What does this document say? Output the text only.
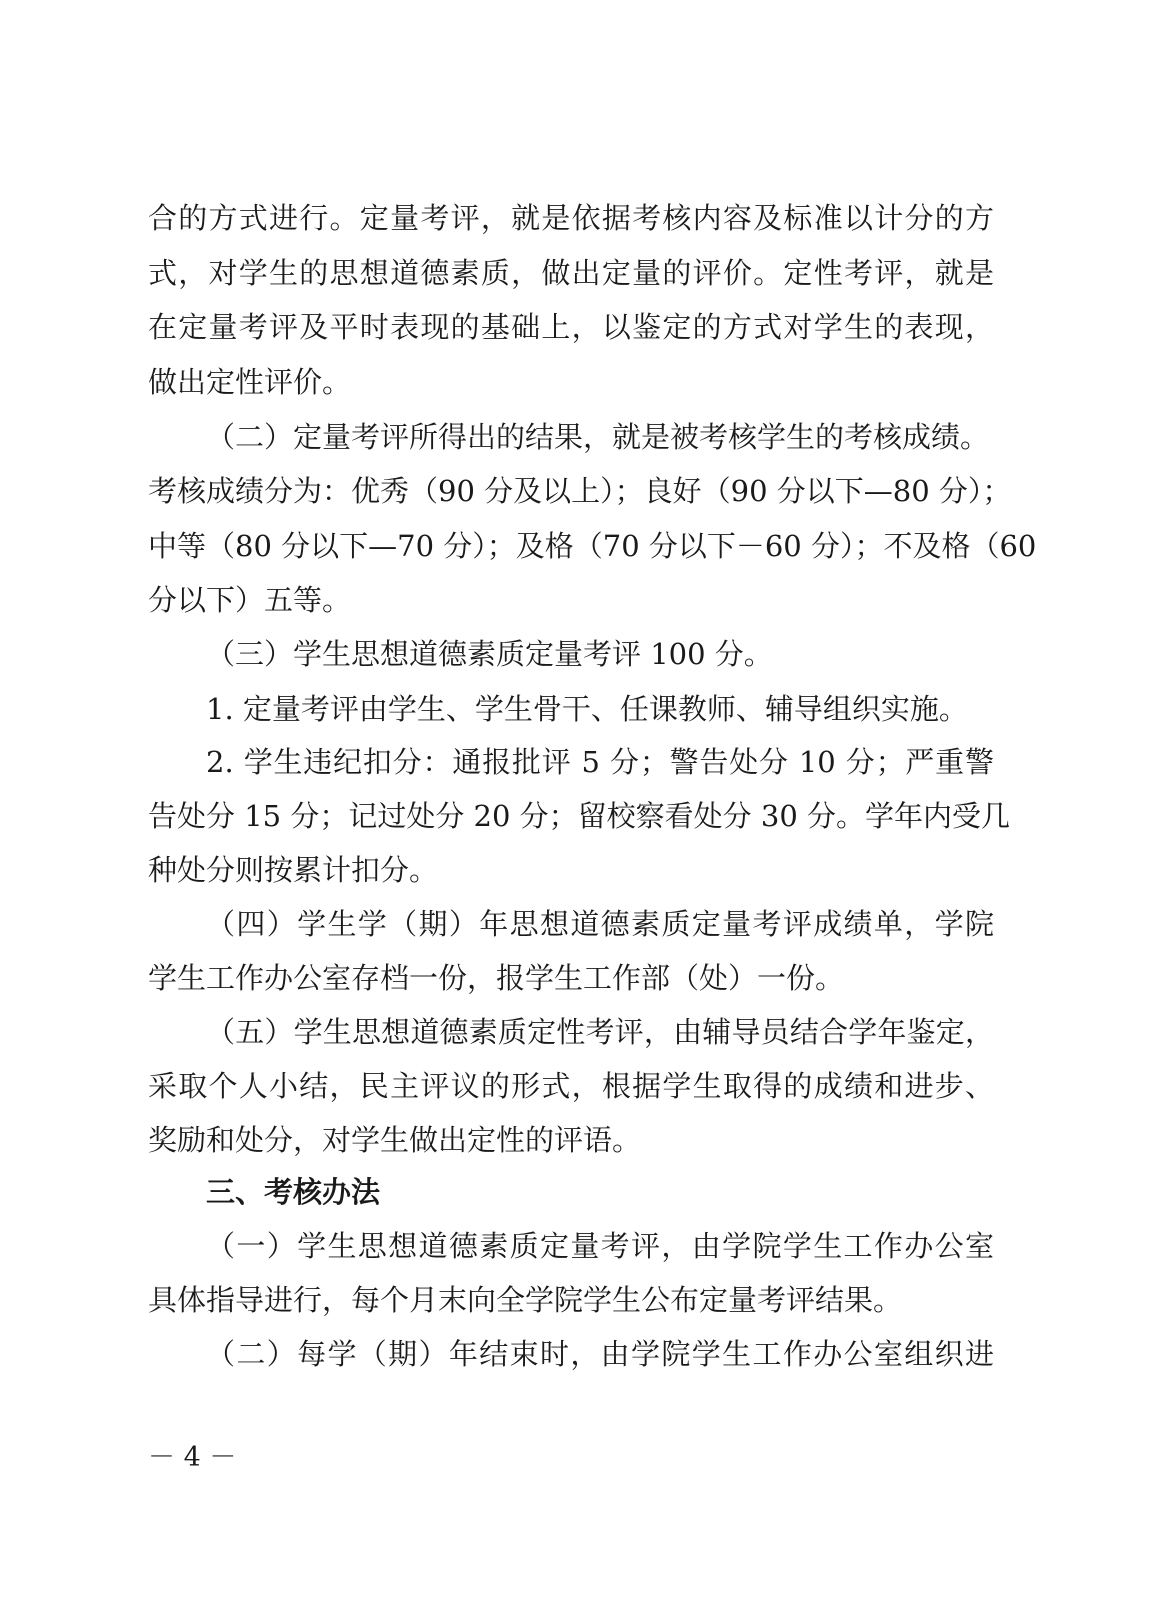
合的方式进行。定量考评，就是依据考核内容及标准以计分的方
式，对学生的思想道德素质，做出定量的评价。定性考评，就是
在定量考评及平时表现的基础上，以鉴定的方式对学生的表现，
做出定性评价。
（二）定量考评所得出的结果，就是被考核学生的考核成绩。
考核成绩分为：优秀（90 分及以上）；良好（90 分以下—80 分）；
中等（80 分以下—70 分）；及格（70 分以下－60 分）；不及格（60
分以下）五等。
（三）学生思想道德素质定量考评 100 分。
1. 定量考评由学生、学生骨干、任课教师、辅导组织实施。
2. 学生违纪扣分：通报批评 5 分；警告处分 10 分；严重警
告处分 15 分；记过处分 20 分；留校察看处分 30 分。学年内受几
种处分则按累计扣分。
（四）学生学（期）年思想道德素质定量考评成绩单，学院
学生工作办公室存档一份，报学生工作部（处）一份。
（五）学生思想道德素质定性考评，由辅导员结合学年鉴定，
采取个人小结，民主评议的形式，根据学生取得的成绩和进步、
奖励和处分，对学生做出定性的评语。
三、考核办法
（一）学生思想道德素质定量考评，由学院学生工作办公室
具体指导进行，每个月末向全学院学生公布定量考评结果。
（二）每学（期）年结束时，由学院学生工作办公室组织进
－ 4 －
